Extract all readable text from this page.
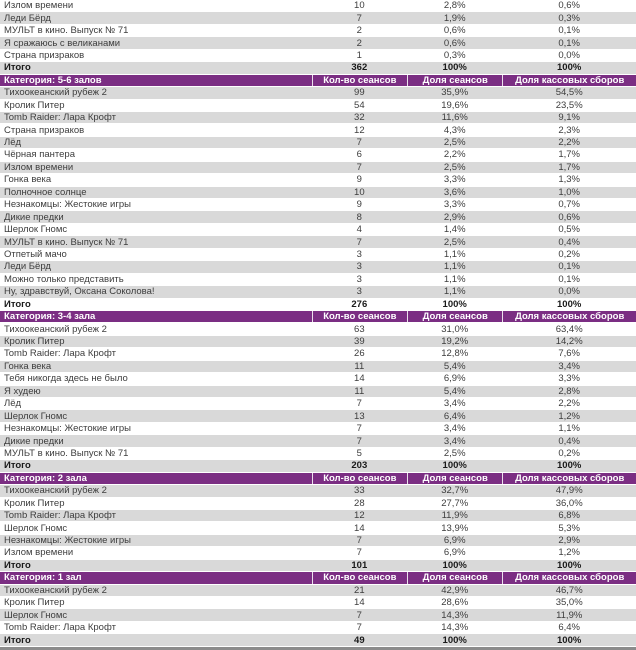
Излом времени	10	2,8%	0,6%
Леди Бёрд	7	1,9%	0,3%
МУЛЬТ в кино. Выпуск № 71	2	0,6%	0,1%
Я сражаюсь с великанами	2	0,6%	0,1%
Страна призраков	1	0,3%	0,0%
Итого	362	100%	100%
Категория: 5-6 залов	Кол-во сеансов	Доля сеансов	Доля кассовых сборов
Тихоокеанский рубеж 2	99	35,9%	54,5%
Кролик Питер	54	19,6%	23,5%
Tomb Raider: Лара Крофт	32	11,6%	9,1%
Страна призраков	12	4,3%	2,3%
Лёд	7	2,5%	2,2%
Чёрная пантера	6	2,2%	1,7%
Излом времени	7	2,5%	1,7%
Гонка века	9	3,3%	1,3%
Полночное солнце	10	3,6%	1,0%
Незнакомцы: Жестокие игры	9	3,3%	0,7%
Дикие предки	8	2,9%	0,6%
Шерлок Гномс	4	1,4%	0,5%
МУЛЬТ в кино. Выпуск № 71	7	2,5%	0,4%
Отпетый мачо	3	1,1%	0,2%
Леди Бёрд	3	1,1%	0,1%
Можно только представить	3	1,1%	0,1%
Ну, здравствуй, Оксана Соколова!	3	1,1%	0,0%
Итого	276	100%	100%
Категория: 3-4 зала	Кол-во сеансов	Доля сеансов	Доля кассовых сборов
Тихоокеанский рубеж 2	63	31,0%	63,4%
Кролик Питер	39	19,2%	14,2%
Tomb Raider: Лара Крофт	26	12,8%	7,6%
Гонка века	11	5,4%	3,4%
Тебя никогда здесь не было	14	6,9%	3,3%
Я худею	11	5,4%	2,8%
Лёд	7	3,4%	2,2%
Шерлок Гномс	13	6,4%	1,2%
Незнакомцы: Жестокие игры	7	3,4%	1,1%
Дикие предки	7	3,4%	0,4%
МУЛЬТ в кино. Выпуск № 71	5	2,5%	0,2%
Итого	203	100%	100%
Категория: 2 зала	Кол-во сеансов	Доля сеансов	Доля кассовых сборов
Тихоокеанский рубеж 2	33	32,7%	47,9%
Кролик Питер	28	27,7%	36,0%
Tomb Raider: Лара Крофт	12	11,9%	6,8%
Шерлок Гномс	14	13,9%	5,3%
Незнакомцы: Жестокие игры	7	6,9%	2,9%
Излом времени	7	6,9%	1,2%
Итого	101	100%	100%
Категория: 1 зал	Кол-во сеансов	Доля сеансов	Доля кассовых сборов
Тихоокеанский рубеж 2	21	42,9%	46,7%
Кролик Питер	14	28,6%	35,0%
Шерлок Гномс	7	14,3%	11,9%
Tomb Raider: Лара Крофт	7	14,3%	6,4%
Итого	49	100%	100%
